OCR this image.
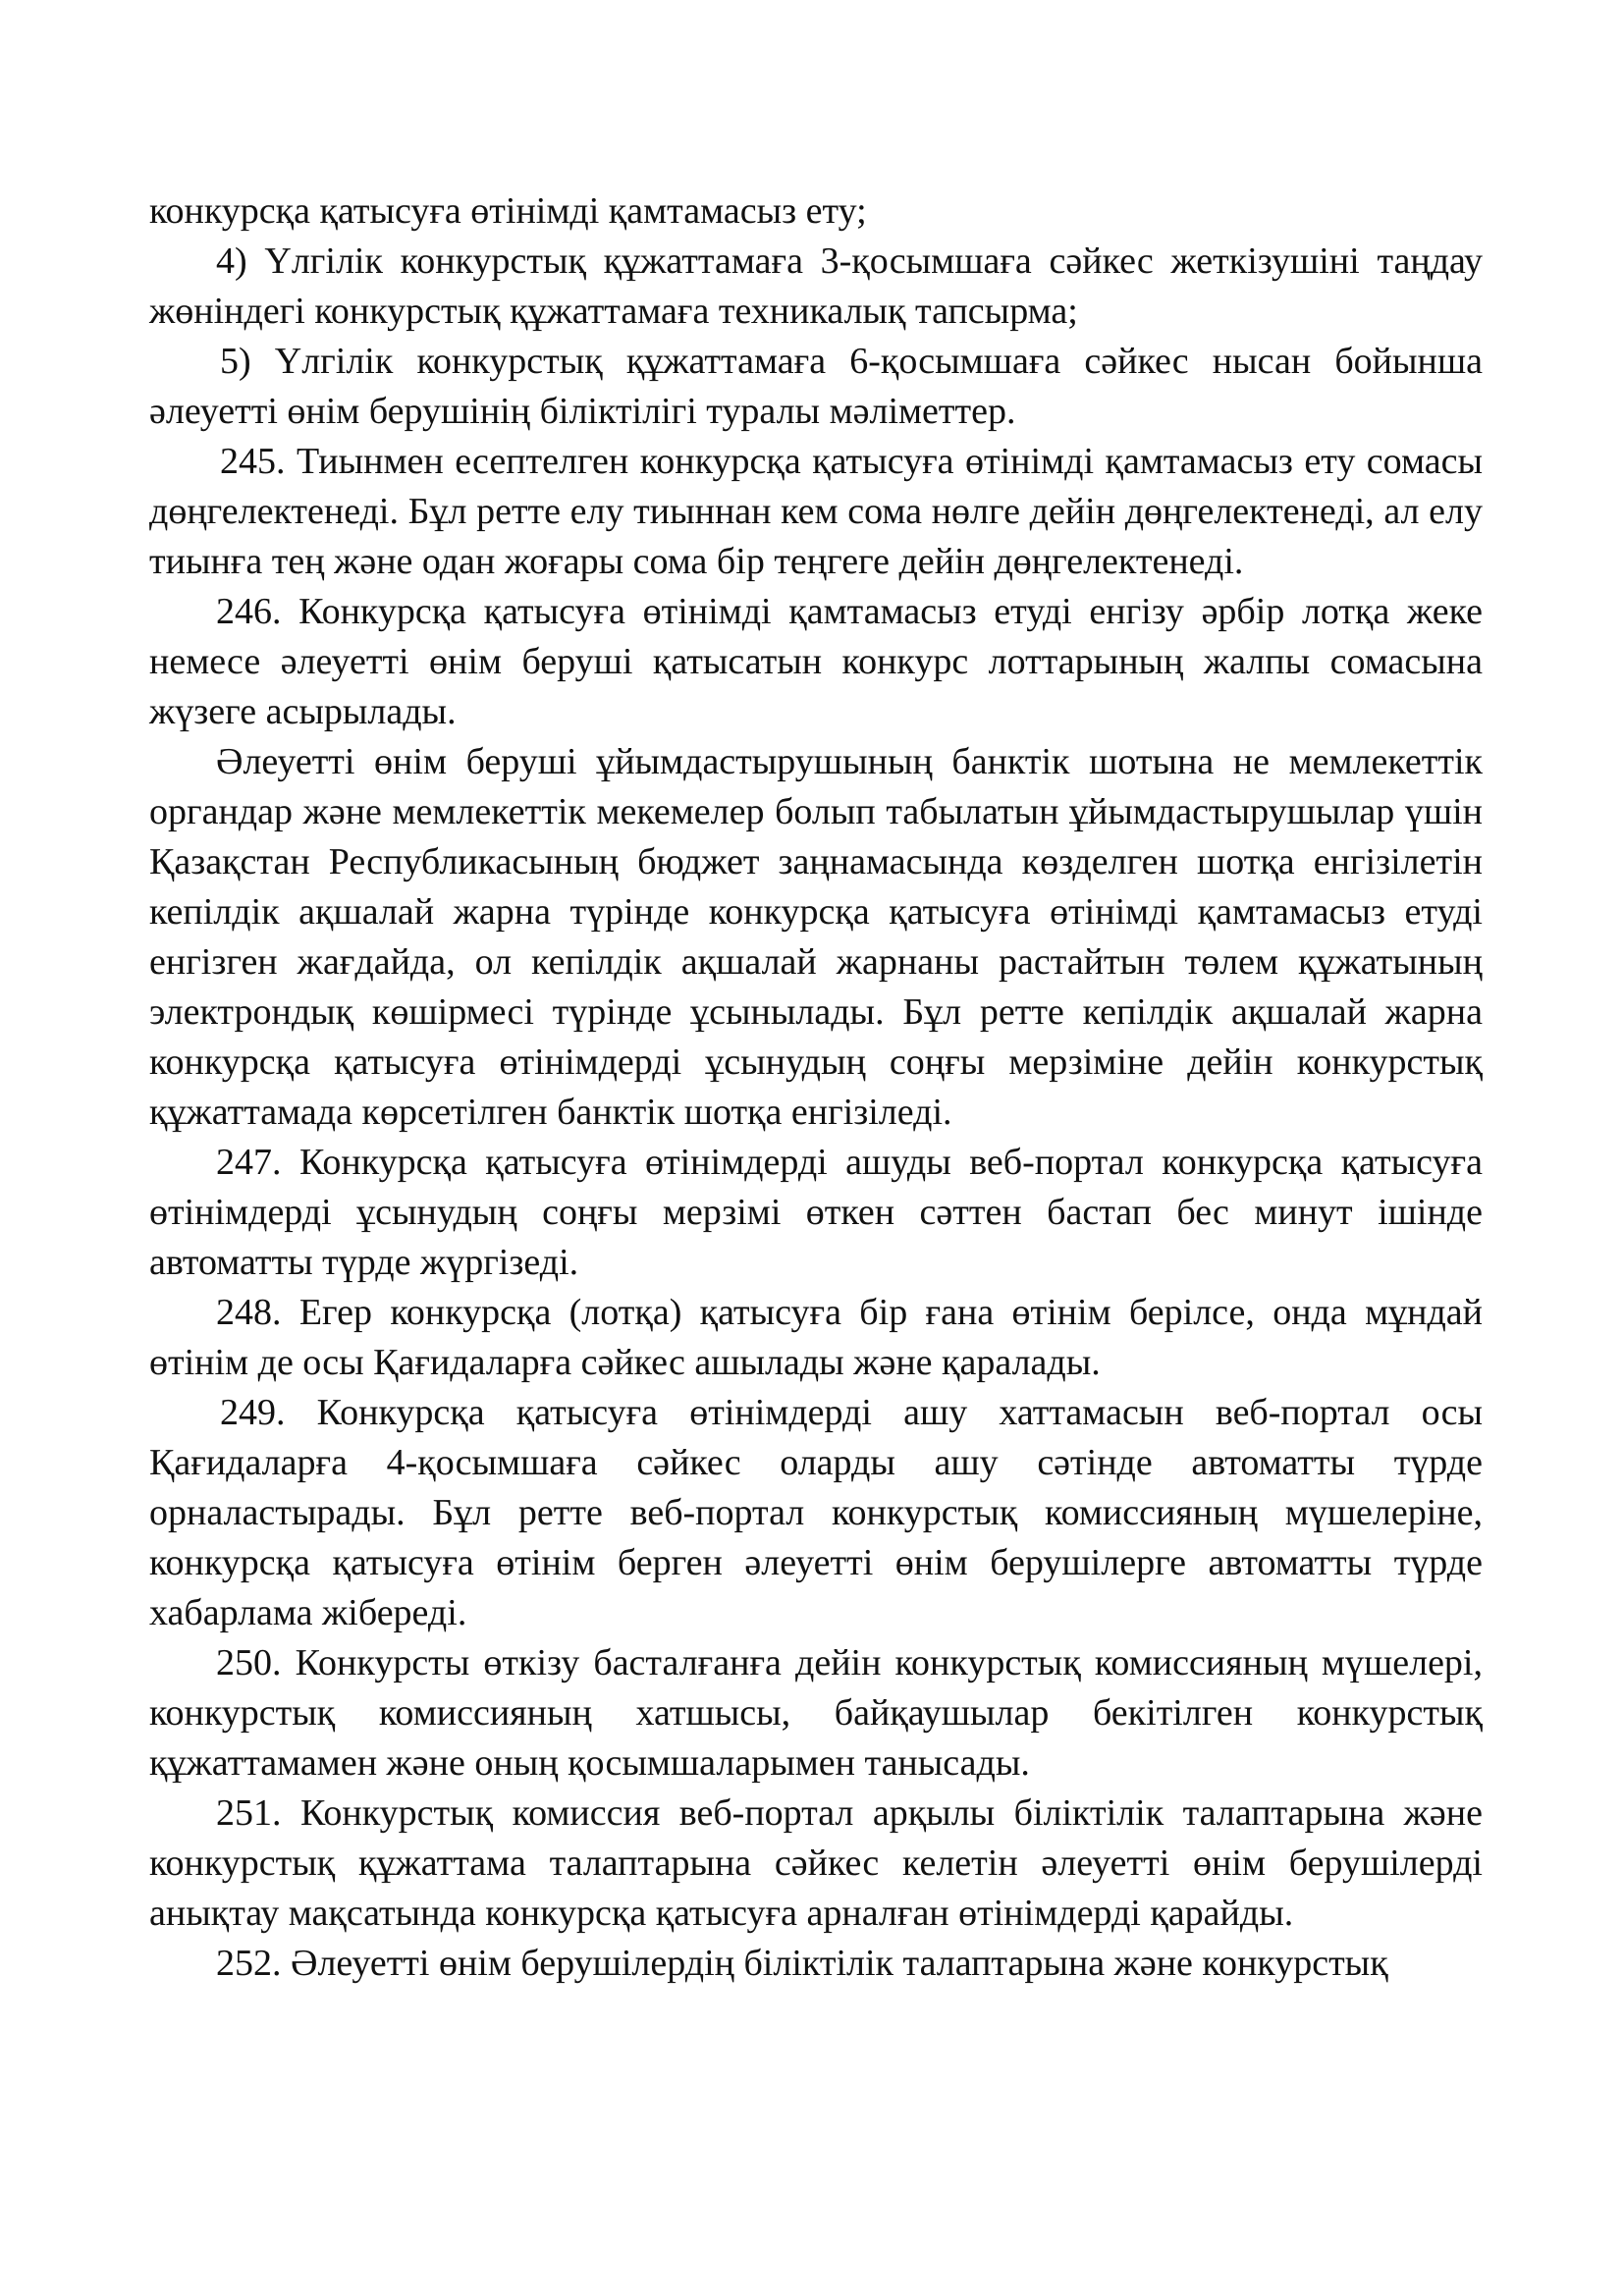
конкурсқа қатысуға өтінімді қамтамасыз ету;

4) Үлгілік конкурстық құжаттамаға 3-қосымшаға сәйкес жеткізушіні таңдау жөніндегі конкурстық құжаттамаға техникалық тапсырма;

5) Үлгілік конкурстық құжаттамаға 6-қосымшаға сәйкес нысан бойынша әлеуетті өнім берушінің біліктілігі туралы мәліметтер.

245. Тиынмен есептелген конкурсқа қатысуға өтінімді қамтамасыз ету сомасы дөңгелектенеді. Бұл ретте елу тиыннан кем сома нөлге дейін дөңгелектенеді, ал елу тиынға тең және одан жоғары сома бір теңгеге дейін дөңгелектенеді.

246. Конкурсқа қатысуға өтінімді қамтамасыз етуді енгізу әрбір лотқа жеке немесе әлеуетті өнім беруші қатысатын конкурс лоттарының жалпы сомасына жүзеге асырылады.

Әлеуетті өнім беруші ұйымдастырушының банктік шотына не мемлекеттік органдар және мемлекеттік мекемелер болып табылатын ұйымдастырушылар үшін Қазақстан Республикасының бюджет заңнамасында көзделген шотқа енгізілетін кепілдік ақшалай жарна түрінде конкурсқа қатысуға өтінімді қамтамасыз етуді енгізген жағдайда, ол кепілдік ақшалай жарнаны растайтын төлем құжатының электрондық көшірмесі түрінде ұсынылады. Бұл ретте кепілдік ақшалай жарна конкурсқа қатысуға өтінімдерді ұсынудың соңғы мерзіміне дейін конкурстық құжаттамада көрсетілген банктік шотқа енгізіледі.

247. Конкурсқа қатысуға өтінімдерді ашуды веб-портал конкурсқа қатысуға өтінімдерді ұсынудың соңғы мерзімі өткен сәттен бастап бес минут ішінде автоматты түрде жүргізеді.

248. Егер конкурсқа (лотқа) қатысуға бір ғана өтінім берілсе, онда мұндай өтінім де осы Қағидаларға сәйкес ашылады және қаралады.

249. Конкурсқа қатысуға өтінімдерді ашу хаттамасын веб-портал осы Қағидаларға 4-қосымшаға сәйкес оларды ашу сәтінде автоматты түрде орналастырады. Бұл ретте веб-портал конкурстық комиссияның мүшелеріне, конкурсқа қатысуға өтінім берген әлеуетті өнім берушілерге автоматты түрде хабарлама жібереді.

250. Конкурсты өткізу басталғанға дейін конкурстық комиссияның мүшелері, конкурстық комиссияның хатшысы, байқаушылар бекітілген конкурстық құжаттамамен және оның қосымшаларымен танысады.

251. Конкурстық комиссия веб-портал арқылы біліктілік талаптарына және конкурстық құжаттама талаптарына сәйкес келетін әлеуетті өнім берушілерді анықтау мақсатында конкурсқа қатысуға арналған өтінімдерді қарайды.

252. Әлеуетті өнім берушілердің біліктілік талаптарына және конкурстық
